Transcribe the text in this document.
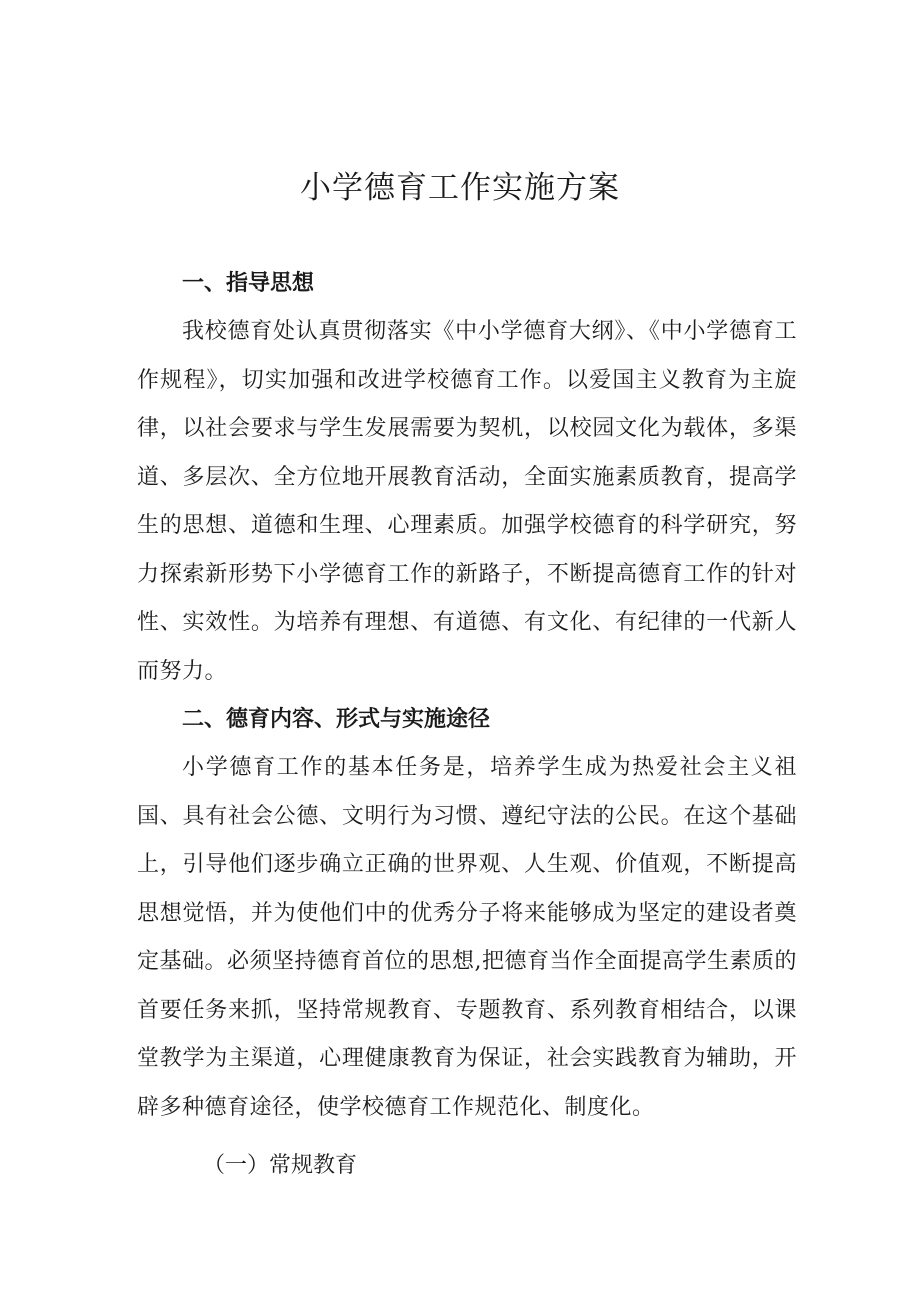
小学德育工作实施方案
一、指导思想

我校德育处认真贯彻落实《中小学德育大纲》、《中小学德育工作规程》，切实加强和改进学校德育工作。以爱国主义教育为主旋律，以社会要求与学生发展需要为契机，以校园文化为载体，多渠道、多层次、全方位地开展教育活动，全面实施素质教育，提高学生的思想、道德和生理、心理素质。加强学校德育的科学研究，努力探索新形势下小学德育工作的新路子，不断提高德育工作的针对性、实效性。为培养有理想、有道德、有文化、有纪律的一代新人而努力。

二、德育内容、形式与实施途径

小学德育工作的基本任务是，培养学生成为热爱社会主义祖国、具有社会公德、文明行为习惯、遵纪守法的公民。在这个基础上，引导他们逐步确立正确的世界观、人生观、价值观，不断提高思想觉悟，并为使他们中的优秀分子将来能够成为坚定的建设者奠定基础。必须坚持德育首位的思想,把德育当作全面提高学生素质的首要任务来抓，坚持常规教育、专题教育、系列教育相结合，以课堂教学为主渠道，心理健康教育为保证，社会实践教育为辅助，开辟多种德育途径，使学校德育工作规范化、制度化。

（一）常规教育
